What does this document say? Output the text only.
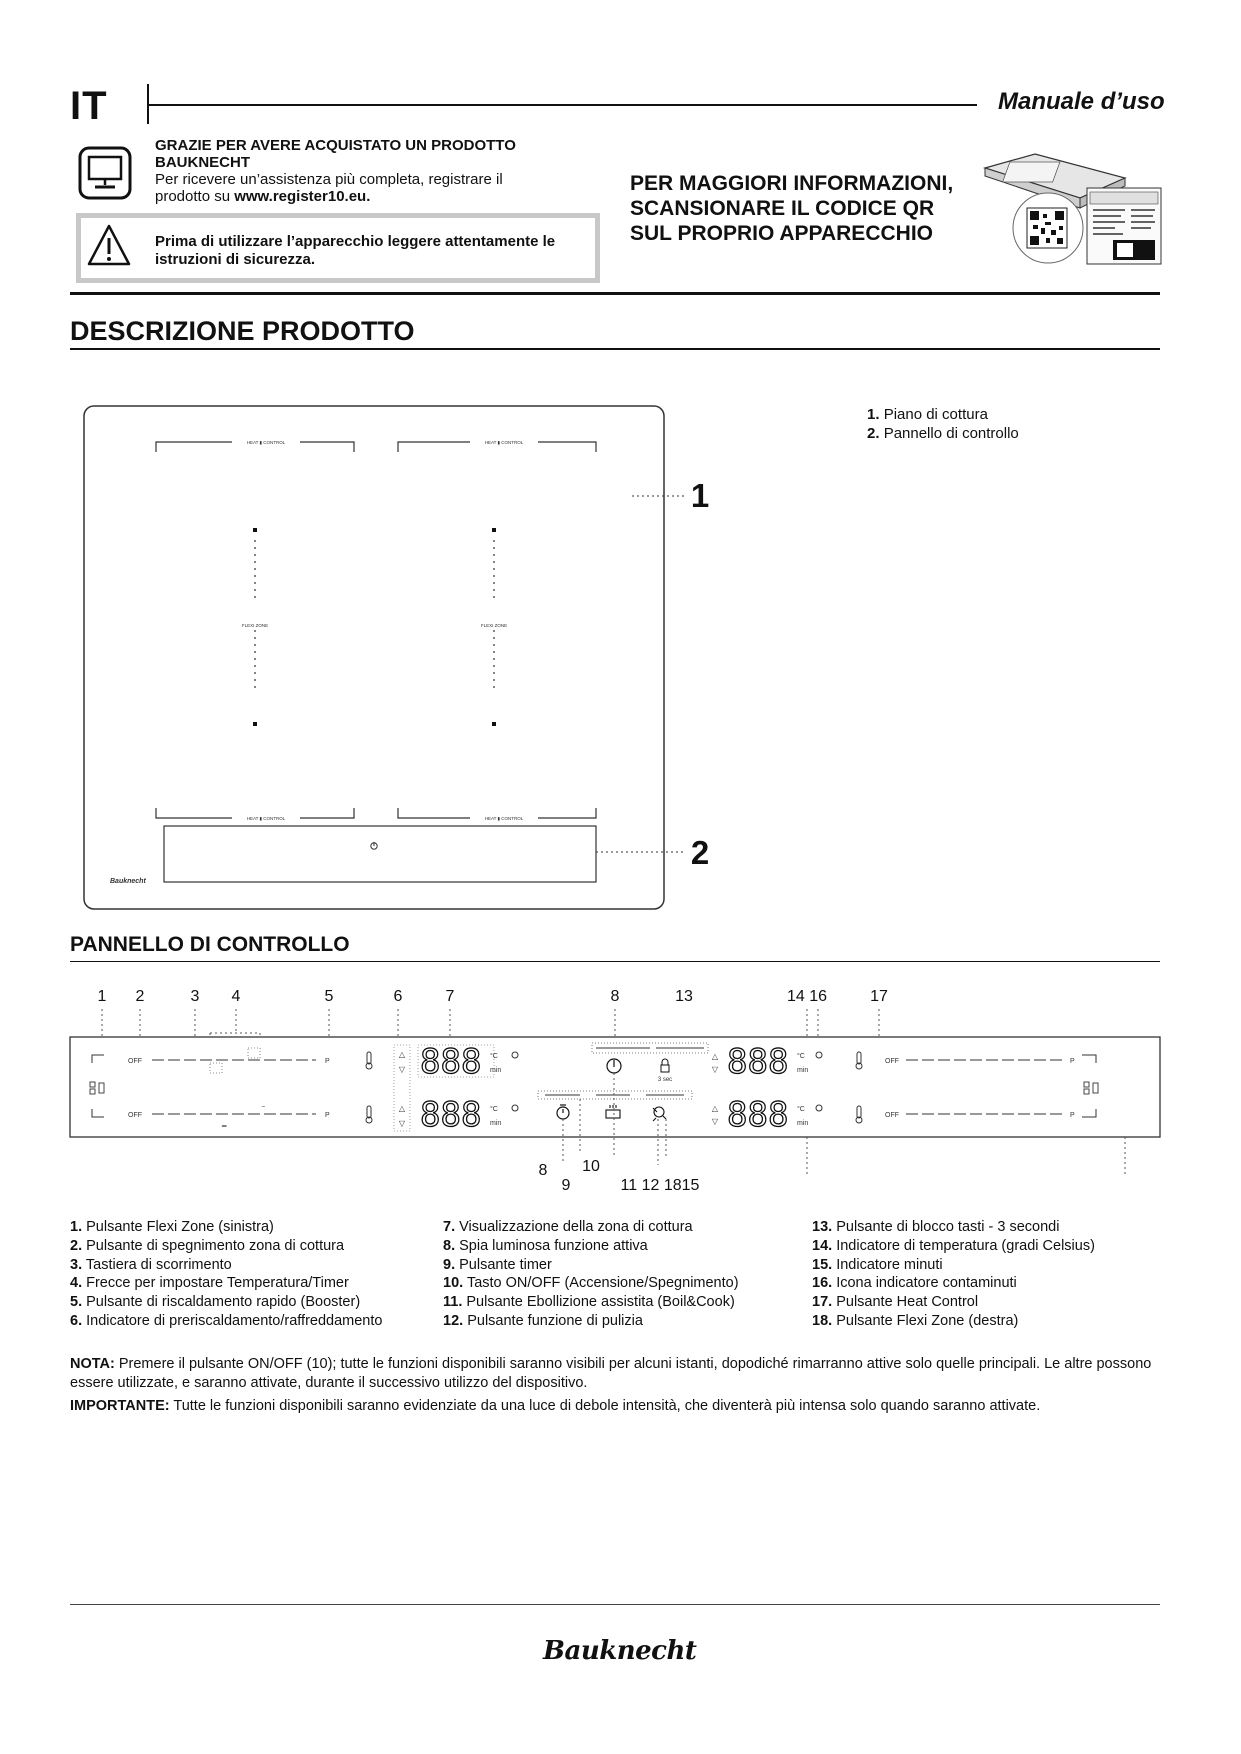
IT	Manuale d’uso
GRAZIE PER AVERE ACQUISTATO UN PRODOTTO
BAUKNECHT
Per ricevere un’assistenza più completa, registrare il
prodotto su www.register10.eu.
Prima di utilizzare l’apparecchio leggere attentamente le
istruzioni di sicurezza.
PER MAGGIORI INFORMAZIONI,
SCANSIONARE IL CODICE QR
SUL PROPRIO APPARECCHIO
DESCRIZIONE PRODOTTO
HEAT ▮ CONTROL	HEAT ▮ CONTROL
HEAT ▮ CONTROL	HEAT ▮ CONTROL
FLEXI ZONE	FLEXI ZONE
Bauknecht
1
2
1. Piano di cottura
2. Pannello di controllo
PANNELLO DI CONTROLLO
1 2	3 4	5	6	7	8	13	14 16	17
OFF
OFF
P
P
‾
‗
△
▽
△
▽
888
888
°C
min
°C
min
3 sec
8 10
9	11 12 1815
△
▽
△
▽
888
888
°C
min
°C
min
OFF
OFF
P
P
1. Pulsante Flexi Zone (sinistra)
2. Pulsante di spegnimento zona di cottura
3. Tastiera di scorrimento
4. Frecce per impostare Temperatura/Timer
5. Pulsante di riscaldamento rapido (Booster)
6. Indicatore di preriscaldamento/raffreddamento
7. Visualizzazione della zona di cottura
8. Spia luminosa funzione attiva
9. Pulsante timer
10. Tasto ON/OFF (Accensione/Spegnimento)
11. Pulsante Ebollizione assistita (Boil&Cook)
12. Pulsante funzione di pulizia
13. Pulsante di blocco tasti - 3 secondi
14. Indicatore di temperatura (gradi Celsius)
15. Indicatore minuti
16. Icona indicatore contaminuti
17. Pulsante Heat Control
18. Pulsante Flexi Zone (destra)
NOTA: Premere il pulsante ON/OFF (10); tutte le funzioni disponibili saranno visibili per alcuni istanti, dopodiché rimarranno attive solo quelle principali. Le altre possono essere utilizzate, e saranno attivate, durante il successivo utilizzo del dispositivo.
IMPORTANTE: Tutte le funzioni disponibili saranno evidenziate da una luce di debole intensità, che diventerà più intensa solo quando saranno attivate.
Bauknecht
